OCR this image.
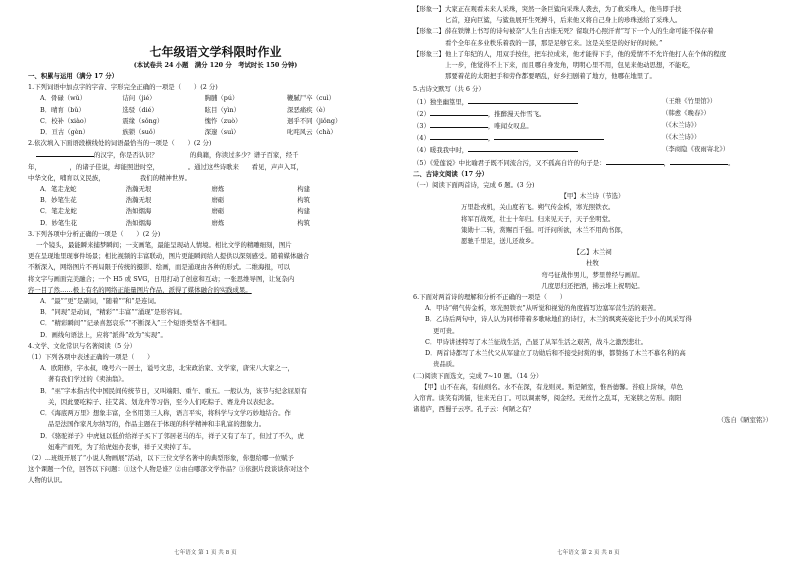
七年级语文学科限时作业
(本试卷共 24 小题　满分 120 分　考试时长 150 分钟)
一、积累与运用（满分 17 分）
1.下列词语中加点字的字音、字形完全正确的一项是（　　）(2 分)
A．骨碌（wǔ）	诘问（jié）	胸脯（pú）	鞭腻尸卒（cuì）
B．晴育（bǔ）	选驳（dié）	眩目（yìn）	深恶痛疾（è）
C．校补（xiào）	震缘（sǒng）	愧怍（zuò）	迥乎不同（jiǒng）
D．亘古（gèn）	族锁（suǒ）	深邃（suì）	叱咤风云（chà）
2.依次填入下面语段横线处的词语最恰当的一项是（　　）(2 分)
的汉字，你是否认识？　　　　　的典籍，你读过多少？谱子百家，经千
年，　　　　　，的诸子佳说，却能照进时空，　　　　　。通过这些诗歌来　　看见，声声入耳，
中华文化，哺育以义民族，　　　　　　我们的精神世界。
A．笔走龙蛇	浩瀚无垠	磨炼	构建
B．妙笔生花	浩瀚无垠	磨砺	构筑
C．笔走龙蛇	浩如烟海	磨砺	构建
D．妙笔生花	浩如烟海	磨炼	构筑
3.下列各项中分析正确的一项是（　　）(2 分)
一个镜头，最能瞬来捕梦瞬间；一支画笔，最能呈现动人情境。相比文学的精雕细刻，图片
更在呈现地里现事件场景；相比视频的丰富联动，图片更能瞬间给人提供以深刻感受。随着媒体融合
不断深入，网络图片不再局限于传统的摄影、绘画，而是通现由各种的形式。二维海报，可以
将文字与画面完美融合；一个 H5 或 SVG，日用打动了创意和互动；一张思维导图，让复杂内
容一目了然……极上有名的网络正能量图片作品，派得了媒体融合的实践成果。
A．“最”“更”是副词，“随着”“和”是连词。
B．“同现”是动词，“精彩”“丰富”“涌现”是形容词。
C．“精彩瞬间”“记录喜怒哀乐”“不断深入”三个短语类型各不相同。
D．画线句语法上，应将“派得”改为“实现”。
4.文学、文化常识与名著阅读（5 分）
（1）下列各项中表述正确的一项是（　　）
A．欧阳修，字永叔，晚号六一居士，谥号文忠，北宋政治家、文学家，唐宋八大家之一，
著有我们学过的《卖油翁》。
B．“巫”字本指古代中国民间传统节日，又叫端阳、重午、重五。一般认为，该节与纪念屈原有
关，因此要吃粽子、挂艾蒿、划龙舟等习俗，至今人们吃粽子、赛龙舟以表纪念。
C．《海底两万里》想象丰富，全书用第三人称，语言平实，将科学与文学巧妙地结合。作
品是法国作家凡尔纳写的，作品主题在于体现的科学精神和丰乳富的想象力。
D．《骆驼祥子》中虎妞以低价给祥子买下了邻居老马的车，祥子又有了车了，但过了不久，虎
妞难产而死，为了给虎妞办丧事，祥子又卖掉了车。
（2）...班级开展了“小说人物画展”活动，以下三位文学名著中的典型形象，你想给哪一位赋予
这个课题一个位，回答以下问题：①这个人物是谁？②由白哪部文学作品？③依据片段谈谈你对这个
人物的认识。
七年语文 第 1 页 共 8 页
【形象一】大家正在观看未来人采珠，突然一条巨鲨向采珠人袭去，为了救采珠人，他当即手扶
匕首，迎向巨鲨，与鲨鱼展开生死搏斗，后来他又将自己身上的珍珠送给了采珠人。
【形象二】薛在铁牌上书写的诗句被奈“人生自古谁无死？留取丹心照汗青”写下一个人的生命可能不保存着
看个全年在多业秩乐着我的一部，那是足够它来。这是关至是的好好的时候。”
【形象三】他上了年纪的人，用双手按住，把车拉成来，他才能得下手，他的爱情不不允许他打人在个体的程度
上一步，他觉得不上下来，而且哪自身发角，明明心里不用，包见来他动思想，不能吃，
那要着花的太阳把手和劳作都要晒乱，好乡扫剧着了地方，他哪在地里了。
5.古诗文默写（共 6 分）
（1）独坐幽篁里，	（王维《竹里馆》）
（2）	，推醉漫天作雪飞。	（韩愈《晚春》）
（3）	，唯闻女叹息。	（《木兰诗》）
（4）	，	（《木兰诗》）
（4）暖我我中时，	（李商隐《夜雨寄北》）
（5）《爱莲说》中比喻君子既不同流合污，又不孤高自许的句子是：	，	。
二、古诗文阅读（17 分）
（一）阅读下面两首诗，完成 6 题。(3 分)
【甲】木兰诗（节选）
万里赴戎机，关山度若飞。朔气传金柝，寒光照铁衣。
将军百战死，壮士十年归。归来见天子，天子坐明堂。
策勋十二转，赏赐百千强。可汗问所欲，木兰不用尚书郎，
愿驰千里足，送儿还故乡。
【乙】木兰祠
杜牧
弯弓征战作男儿，梦里曾经与画眉。
几度思归还把酒，拂云堆上祝明妃。
6.下面对两首诗的理解和分析不正确的一项是（　　）
A．甲诗“朔气传金柝，寒光照铁衣”从听觉和视觉的角度描写边塞军营生活的艰苦。
B．乙诗后两句中，诗人认为同样带着多歌咏地们的诗行，木兰的飒爽英姿比于少小的风采写得
更可贵。
C．甲诗讲述特写了木兰征战生活，凸显了从军生活之艰苦，战斗之激烈悲壮。
D．两首诗都写了木兰代父从军建立了功勋后和不接受封赏的事，都赞扬了木兰不慕名利的高
贵品质。
(二)阅读下面选文，完成 7~10 题。（14 分）
【甲】山不在高，有仙则名。水不在深，有龙则灵。斯是陋室，惟吾德馨。苔痕上阶绿，草色
入帘青。谈笑有鸿儒，往来无白丁。可以调素琴，阅金经。无丝竹之乱耳，无案牍之劳形。南阳
诸葛庐，西蜀子云亭。孔子云：何陋之有？
（选自《陋室铭》）
七年语文 第 2 页 共 8 页
